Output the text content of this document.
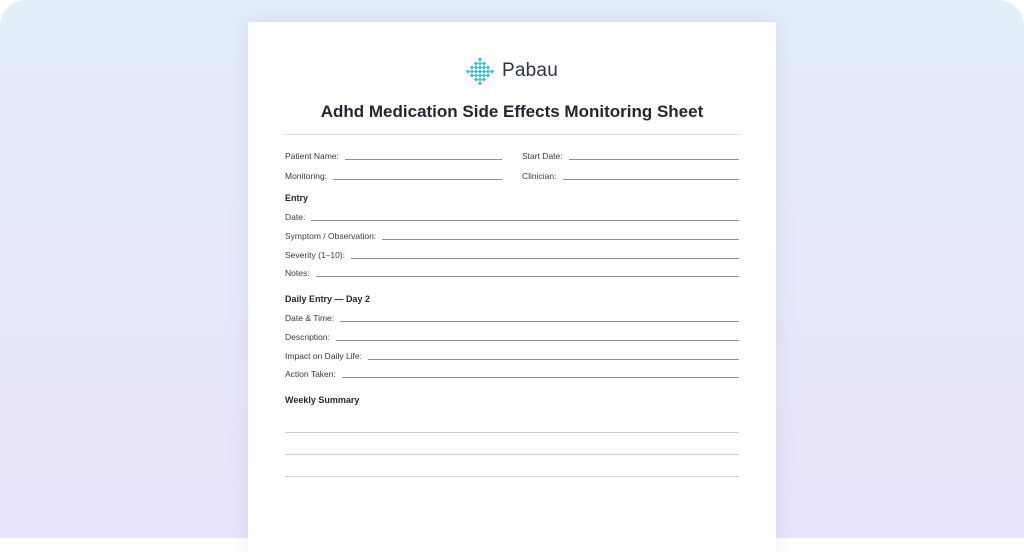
Pabau
Adhd Medication Side Effects Monitoring Sheet
Patient Name:	Start Date:
Monitoring:	Clinician:
Entry
Date:
Symptom / Observation:
Severity (1–10):
Notes:
Daily Entry — Day 2
Date & Time:
Description:
Impact on Daily Life:
Action Taken:
Weekly Summary
